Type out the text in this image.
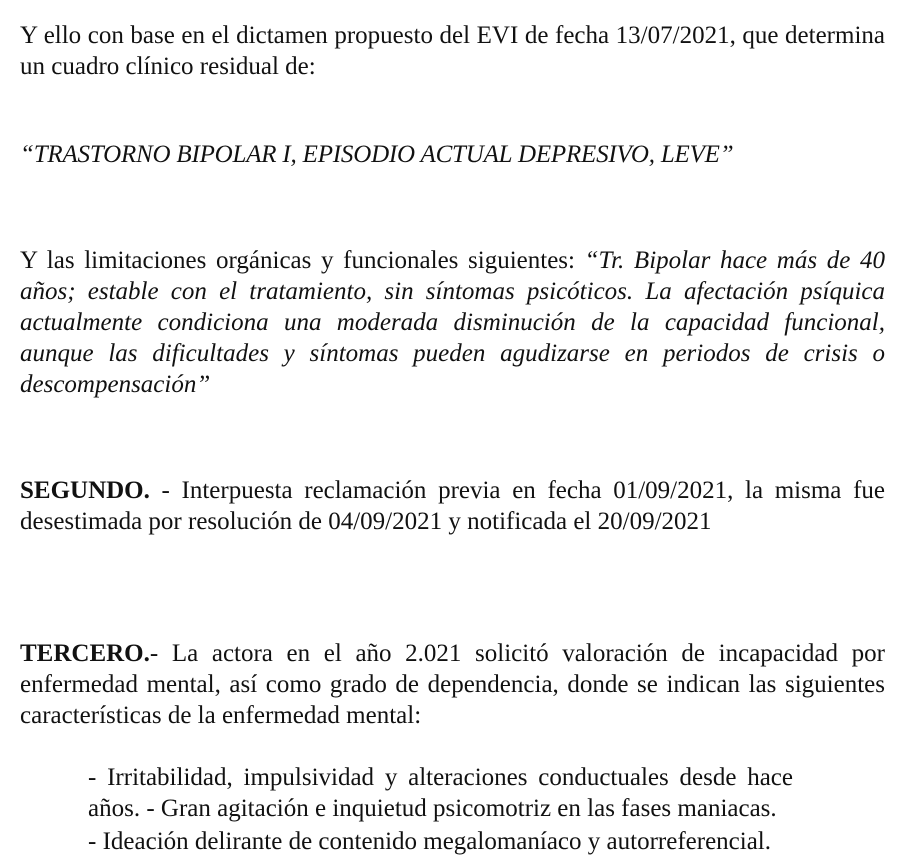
Y ello con base en el dictamen propuesto del EVI de fecha 13/07/2021, que determina un cuadro clínico residual de:

“TRASTORNO BIPOLAR I, EPISODIO ACTUAL DEPRESIVO, LEVE”

Y las limitaciones orgánicas y funcionales siguientes: “Tr. Bipolar hace más de 40 años; estable con el tratamiento, sin síntomas psicóticos. La afectación psíquica actualmente condiciona una moderada disminución de la capacidad funcional, aunque las dificultades y síntomas pueden agudizarse en periodos de crisis o descompensación”

SEGUNDO. - Interpuesta reclamación previa en fecha 01/09/2021, la misma fue desestimada por resolución de 04/09/2021 y notificada el 20/09/2021

TERCERO.- La actora en el año 2.021 solicitó valoración de incapacidad por enfermedad mental, así como grado de dependencia, donde se indican las siguientes características de la enfermedad mental:

- Irritabilidad, impulsividad y alteraciones conductuales desde hace años. - Gran agitación e inquietud psicomotriz en las fases maniacas.

- Ideación delirante de contenido megalomaníaco y autorreferencial.
